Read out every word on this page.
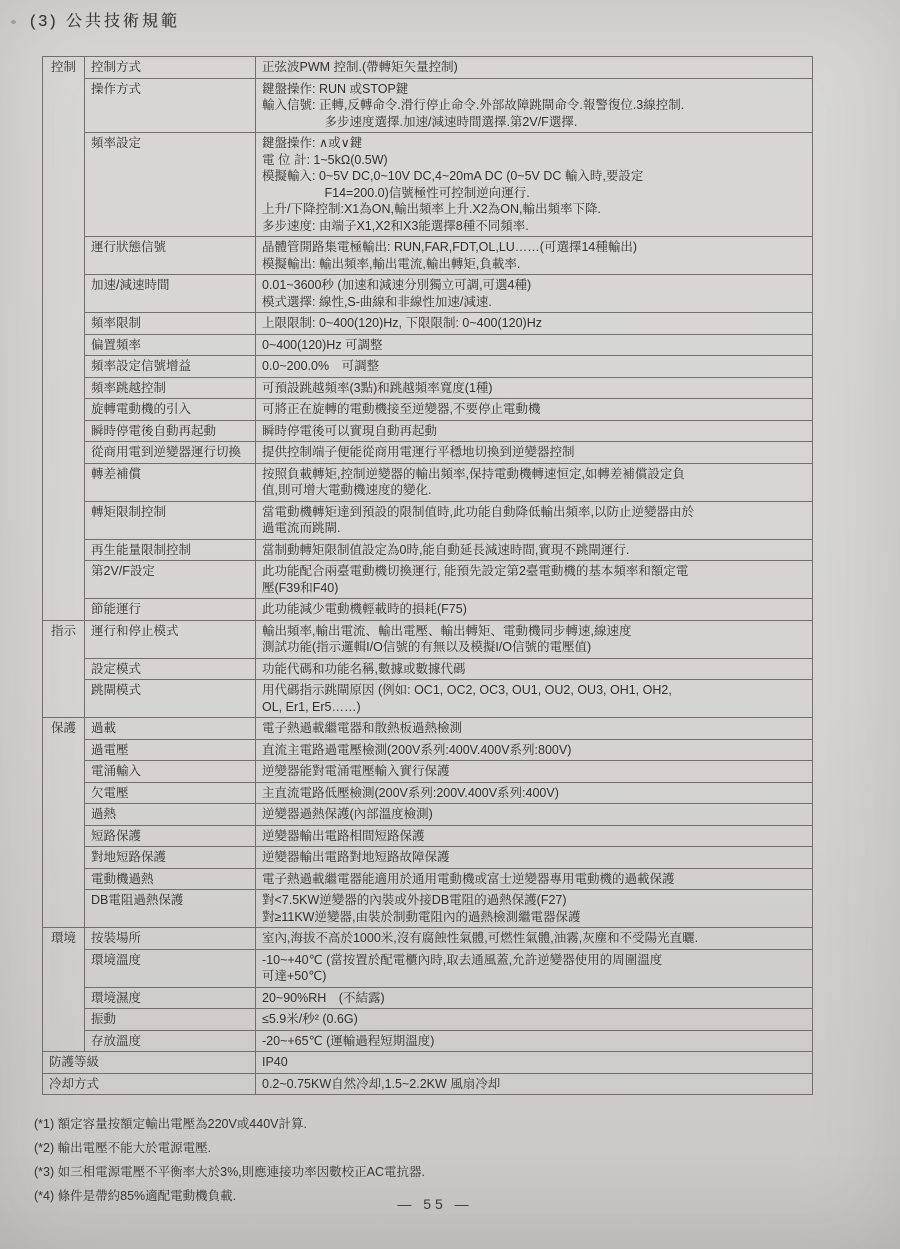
(3) 公共技術規範
控制	控制方式	正弦波PWM 控制.(帶轉矩矢量控制)

	操作方式	鍵盤操作: RUN 或STOP鍵
輸入信號: 正轉,反轉命令.滑行停止命令.外部故障跳閘命令.報警復位.3線控制.
　　　　　多步速度選擇.加速/減速時間選擇.第2V/F選擇.

頻率設定	鍵盤操作: ∧或∨鍵
電 位 計: 1~5kΩ(0.5W)
模擬輸入: 0~5V DC,0~10V DC,4~20mA DC (0~5V DC 輸入時,要設定
　　　　　F14=200.0)信號極性可控制逆向運行.
上升/下降控制:X1為ON,輸出頻率上升.X2為ON,輸出頻率下降.
多步速度: 由端子X1,X2和X3能選擇8種不同頻率.

	運行狀態信號	晶體管開路集電極輸出: RUN,FAR,FDT,OL,LU……(可選擇14種輸出)
模擬輸出: 輸出頻率,輸出電流,輸出轉矩,負載率.

	加速/減速時間	0.01~3600秒 (加速和減速分別獨立可調,可選4種)
模式選擇: 線性,S-曲線和非線性加速/減速.

	頻率限制	上限限制: 0~400(120)Hz, 下限限制: 0~400(120)Hz

	偏置頻率	0~400(120)Hz 可調整

	頻率設定信號增益	0.0~200.0%　可調整

	頻率跳越控制	可預設跳越頻率(3點)和跳越頻率寬度(1種)

	旋轉電動機的引入	可將正在旋轉的電動機接至逆變器,不要停止電動機

	瞬時停電後自動再起動	瞬時停電後可以實現自動再起動

	從商用電到逆變器運行切換	提供控制端子便能從商用電運行平穩地切換到逆變器控制

	轉差補償	按照負載轉矩,控制逆變器的輸出頻率,保持電動機轉速恒定,如轉差補償設定負
值,則可增大電動機速度的變化.

	轉矩限制控制	當電動機轉矩達到預設的限制值時,此功能自動降低輸出頻率,以防止逆變器由於
過電流而跳閘.

	再生能量限制控制	當制動轉矩限制值設定為0時,能自動延長減速時間,實現不跳閘運行.

	第2V/F設定	此功能配合兩臺電動機切換運行, 能預先設定第2臺電動機的基本頻率和額定電
壓(F39和F40)

	節能運行	此功能減少電動機輕載時的損耗(F75)

指示	運行和停止模式	輸出頻率,輸出電流、輸出電壓、輸出轉矩、電動機同步轉速,線速度
測試功能(指示邏輯I/O信號的有無以及模擬I/O信號的電壓值)

	設定模式	功能代碼和功能名稱,數據或數據代碼

	跳閘模式	用代碼指示跳閘原因 (例如: OC1, OC2, OC3, OU1, OU2, OU3, OH1, OH2,
OL, Er1, Er5……)

保護	過載	電子熱過載繼電器和散熱板過熱檢測

	過電壓	直流主電路過電壓檢測(200V系列:400V.400V系列:800V)

	電涌輸入	逆變器能對電涌電壓輸入實行保護

	欠電壓	主直流電路低壓檢測(200V系列:200V.400V系列:400V)

	過熱	逆變器過熱保護(內部溫度檢測)

	短路保護	逆變器輸出電路相間短路保護

	對地短路保護	逆變器輸出電路對地短路故障保護

	電動機過熱	電子熱過載繼電器能適用於通用電動機或富士逆變器專用電動機的過載保護

	DB電阻過熱保護	對<7.5KW逆變器的內裝或外接DB電阻的過熱保護(F27)
對≥11KW逆變器,由裝於制動電阻內的過熱檢測繼電器保護

環境	按裝場所	室內,海拔不高於1000米,沒有腐蝕性氣體,可燃性氣體,油霧,灰塵和不受陽光直曬.

	環境溫度	-10~+40℃ (當按置於配電櫃內時,取去通風蓋,允許逆變器使用的周圍溫度
可達+50℃)

	環境濕度	20~90%RH　(不結露)

	振動	≤5.9米/秒² (0.6G)

	存放溫度	-20~+65℃ (運輸過程短期溫度)

防護等級		IP40

冷却方式		0.2~0.75KW自然冷却,1.5~2.2KW 風扇冷却
(*1) 額定容量按額定輸出電壓為220V或440V計算.
(*2) 輸出電壓不能大於電源電壓.
(*3) 如三相電源電壓不平衡率大於3%,則應連接功率因數校正AC電抗器.
(*4) 條件是帶約85%適配電動機負載.	— 55 —
